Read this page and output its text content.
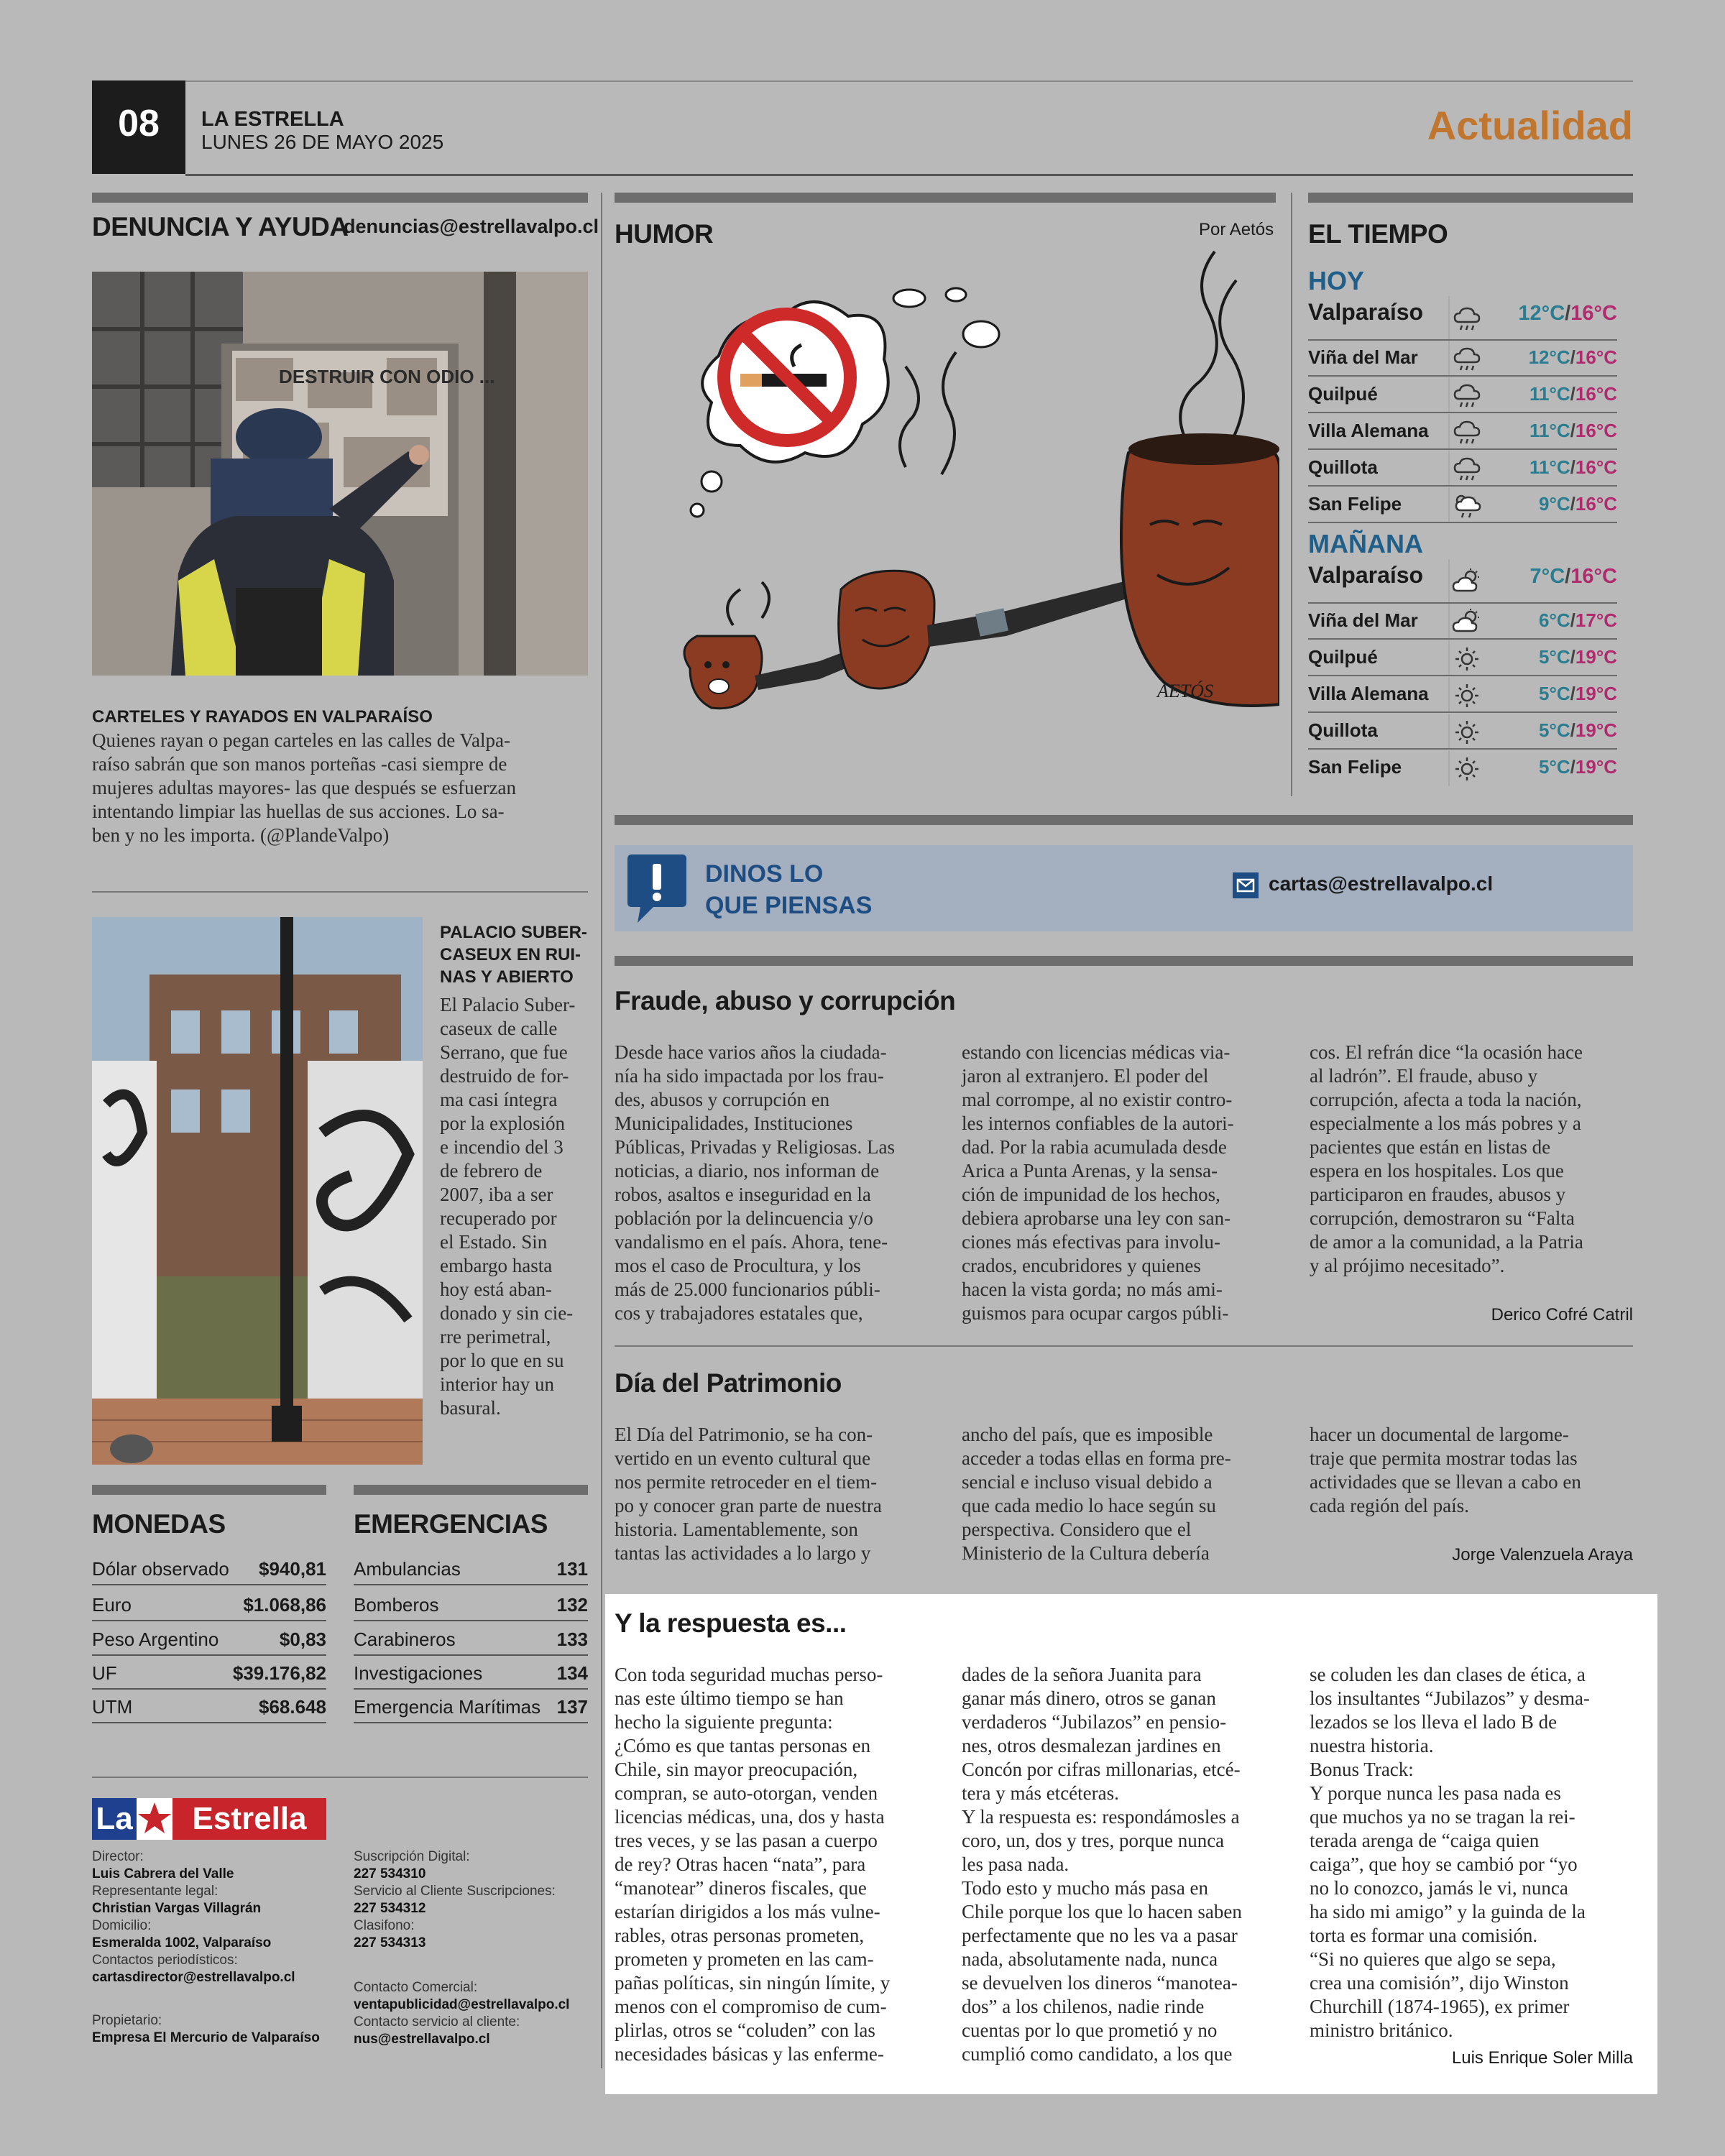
08	LA ESTRELLA
LUNES 26 DE MAYO 2025	Actualidad
DENUNCIA Y AYUDA
denuncias@estrellavalpo.cl
DESTRUIR CON ODIO ...
CARTELES Y RAYADOS EN VALPARAÍSO

Quienes rayan o pegan carteles en las calles de Valpa-

raíso sabrán que son manos porteñas -casi siempre de

mujeres adultas mayores- las que después se esfuerzan

intentando limpiar las huellas de sus acciones. Lo sa-

ben y no les importa. (@PlandeValpo)

PALACIO SUBER-
CASEUX EN RUI-
NAS Y ABIERTO

El Palacio Suber-

caseux de calle

Serrano, que fue

destruido de for-

ma casi íntegra

por la explosión

e incendio del 3

de febrero de

2007, iba a ser

recuperado por

el Estado. Sin

embargo hasta

hoy está aban-

donado y sin cie-

rre perimetral,

por lo que en su

interior hay un

basural.

MONEDAS
Dólar observado $940,81
Euro	$1.068,86
Peso Argentino	$0,83
UF	$39.176,82
UTM	$68.648
EMERGENCIAS
Ambulancias	131
Bomberos	132
Carabineros	133
Investigaciones	134
Emergencia Marítimas 137
La	Estrella
Director:
Luis Cabrera del Valle
Representante legal:
Christian Vargas Villagrán
Domicilio:
Esmeralda 1002, Valparaíso
Contactos periodísticos:
cartasdirector@estrellavalpo.cl
Propietario:
Empresa El Mercurio de Valparaíso
Suscripción Digital:
227 534310
Servicio al Cliente Suscripciones:
227 534312
Clasifono:
227 534313
Contacto Comercial:
ventapublicidad@estrellavalpo.cl
Contacto servicio al cliente:
nus@estrellavalpo.cl
HUMOR	Por Aetós
AETÓS
EL TIEMPO
HOY
Valparaíso	12°C/16°C
Viña del Mar	12°C/16°C
Quilpué	11°C/16°C
Villa Alemana	11°C/16°C
Quillota	11°C/16°C
San Felipe	9°C/16°C
MAÑANA
Valparaíso	7°C/16°C
Viña del Mar	6°C/17°C
Quilpué	5°C/19°C
Villa Alemana	5°C/19°C
Quillota	5°C/19°C
San Felipe	5°C/19°C
DINOS LO
QUE PIENSAS
cartas@estrellavalpo.cl
Fraude, abuso y corrupción

Desde hace varios años la ciudada-

nía ha sido impactada por los frau-

des, abusos y corrupción en

Municipalidades, Instituciones

Públicas, Privadas y Religiosas. Las

noticias, a diario, nos informan de

robos, asaltos e inseguridad en la

población por la delincuencia y/o

vandalismo en el país. Ahora, tene-

mos el caso de Procultura, y los

más de 25.000 funcionarios públi-

cos y trabajadores estatales que,

estando con licencias médicas via-

jaron al extranjero. El poder del

mal corrompe, al no existir contro-

les internos confiables de la autori-

dad. Por la rabia acumulada desde

Arica a Punta Arenas, y la sensa-

ción de impunidad de los hechos,

debiera aprobarse una ley con san-

ciones más efectivas para involu-

crados, encubridores y quienes

hacen la vista gorda; no más ami-

guismos para ocupar cargos públi-

cos. El refrán dice “la ocasión hace

al ladrón”. El fraude, abuso y

corrupción, afecta a toda la nación,

especialmente a los más pobres y a

pacientes que están en listas de

espera en los hospitales. Los que

participaron en fraudes, abusos y

corrupción, demostraron su “Falta

de amor a la comunidad, a la Patria

y al prójimo necesitado”.

Derico Cofré Catril
Día del Patrimonio

El Día del Patrimonio, se ha con-

vertido en un evento cultural que

nos permite retroceder en el tiem-

po y conocer gran parte de nuestra

historia. Lamentablemente, son

tantas las actividades a lo largo y

ancho del país, que es imposible

acceder a todas ellas en forma pre-

sencial e incluso visual debido a

que cada medio lo hace según su

perspectiva. Considero que el

Ministerio de la Cultura debería

hacer un documental de largome-

traje que permita mostrar todas las

actividades que se llevan a cabo en

cada región del país.

Jorge Valenzuela Araya
Y la respuesta es...

Con toda seguridad muchas perso-

nas este último tiempo se han

hecho la siguiente pregunta:

¿Cómo es que tantas personas en

Chile, sin mayor preocupación,

compran, se auto-otorgan, venden

licencias médicas, una, dos y hasta

tres veces, y se las pasan a cuerpo

de rey? Otras hacen “nata”, para

“manotear” dineros fiscales, que

estarían dirigidos a los más vulne-

rables, otras personas prometen,

prometen y prometen en las cam-

pañas políticas, sin ningún límite, y

menos con el compromiso de cum-

plirlas, otros se “coluden” con las

necesidades básicas y las enferme-

dades de la señora Juanita para

ganar más dinero, otros se ganan

verdaderos “Jubilazos” en pensio-

nes, otros desmalezan jardines en

Concón por cifras millonarias, etcé-

tera y más etcéteras.

Y la respuesta es: respondámosles a

coro, un, dos y tres, porque nunca

les pasa nada.

Todo esto y mucho más pasa en

Chile porque los que lo hacen saben

perfectamente que no les va a pasar

nada, absolutamente nada, nunca

se devuelven los dineros “manotea-

dos” a los chilenos, nadie rinde

cuentas por lo que prometió y no

cumplió como candidato, a los que

se coluden les dan clases de ética, a

los insultantes “Jubilazos” y desma-

lezados se los lleva el lado B de

nuestra historia.

Bonus Track:

Y porque nunca les pasa nada es

que muchos ya no se tragan la rei-

terada arenga de “caiga quien

caiga”, que hoy se cambió por “yo

no lo conozco, jamás le vi, nunca

ha sido mi amigo” y la guinda de la

torta es formar una comisión.

“Si no quieres que algo se sepa,

crea una comisión”, dijo Winston

Churchill (1874-1965), ex primer

ministro británico.

Luis Enrique Soler Milla
